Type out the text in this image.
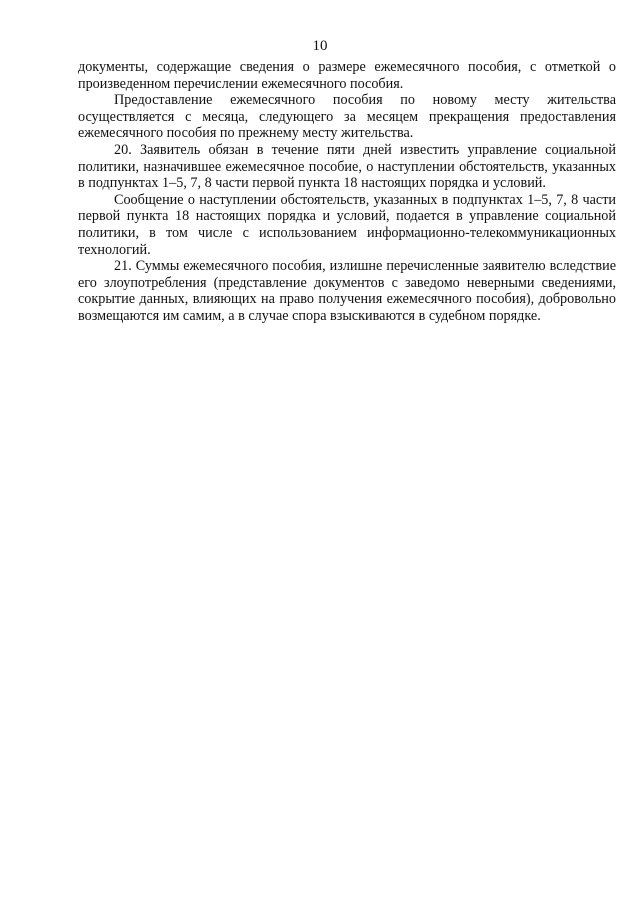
10

документы, содержащие сведения о размере ежемесячного пособия, с отметкой о произведенном перечислении ежемесячного пособия.

Предоставление ежемесячного пособия по новому месту жительства осуществляется с месяца, следующего за месяцем прекращения предоставления ежемесячного пособия по прежнему месту жительства.

20. Заявитель обязан в течение пяти дней известить управление социальной политики, назначившее ежемесячное пособие, о наступлении обстоятельств, указанных в подпунктах 1–5, 7, 8 части первой пункта 18 настоящих порядка и условий.

Сообщение о наступлении обстоятельств, указанных в подпунктах 1–5, 7, 8 части первой пункта 18 настоящих порядка и условий, подается в управление социальной политики, в том числе с использованием информационно-телекоммуникационных технологий.

21. Суммы ежемесячного пособия, излишне перечисленные заявителю вследствие его злоупотребления (представление документов с заведомо неверными сведениями, сокрытие данных, влияющих на право получения ежемесячного пособия), добровольно возмещаются им самим, а в случае спора взыскиваются в судебном порядке.
